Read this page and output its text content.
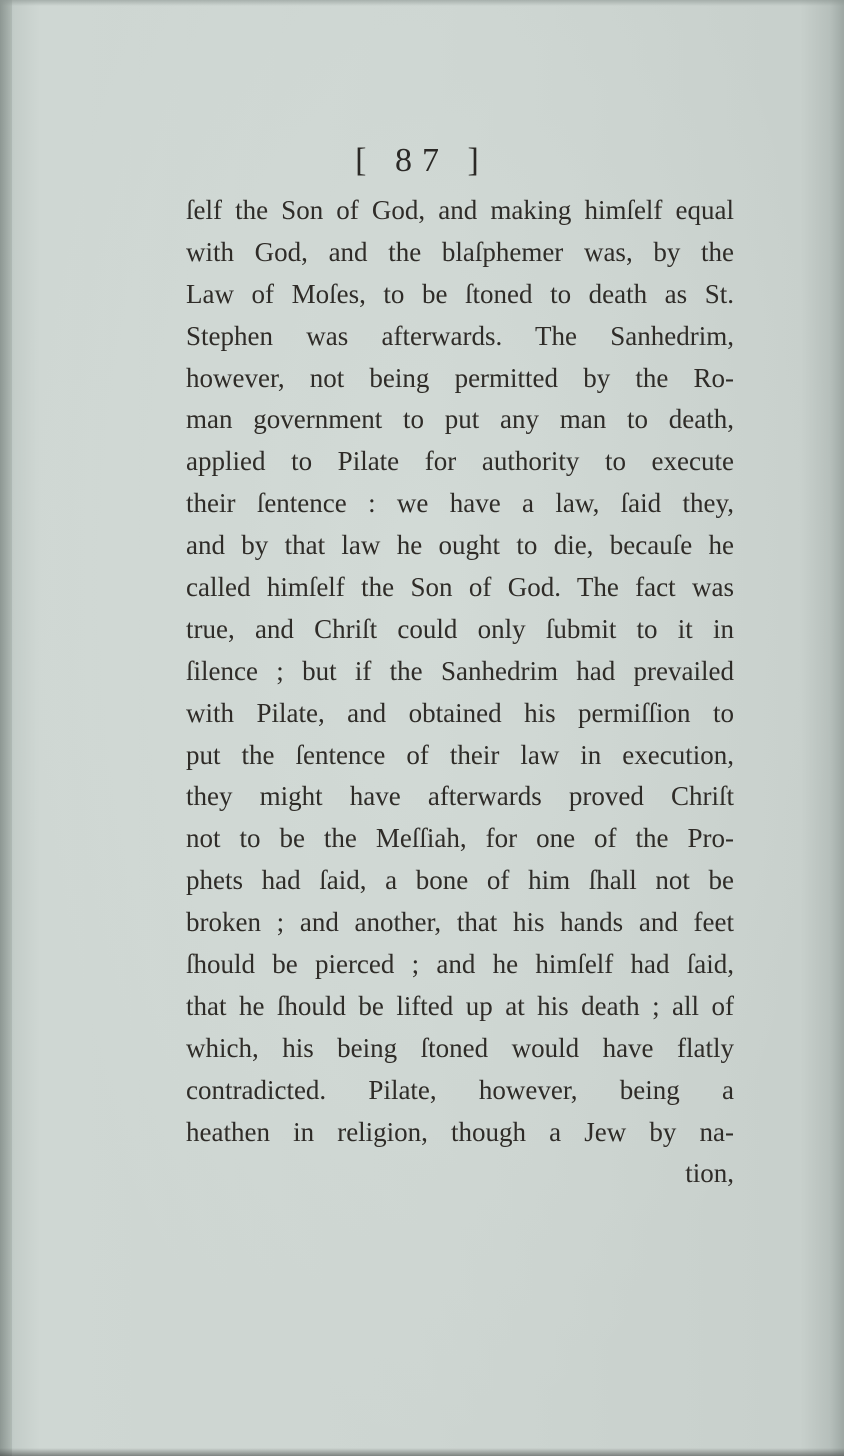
[ 87 ]
ſelf the Son of God, and making himſelf equal
with God, and the blaſphemer was, by the
Law of Moſes, to be ſtoned to death as St.
Stephen was afterwards. The Sanhedrim,
however, not being permitted by the Ro-
man government to put any man to death,
applied to Pilate for authority to execute
their ſentence : we have a law, ſaid they,
and by that law he ought to die, becauſe he
called himſelf the Son of God. The fact was
true, and Chriſt could only ſubmit to it in
ſilence ; but if the Sanhedrim had prevailed
with Pilate, and obtained his permiſſion to
put the ſentence of their law in execution,
they might have afterwards proved Chriſt
not to be the Meſſiah, for one of the Pro-
phets had ſaid, a bone of him ſhall not be
broken ; and another, that his hands and feet
ſhould be pierced ; and he himſelf had ſaid,
that he ſhould be lifted up at his death ; all of
which, his being ſtoned would have flatly
contradicted. Pilate, however, being a
heathen in religion, though a Jew by na-
tion,
